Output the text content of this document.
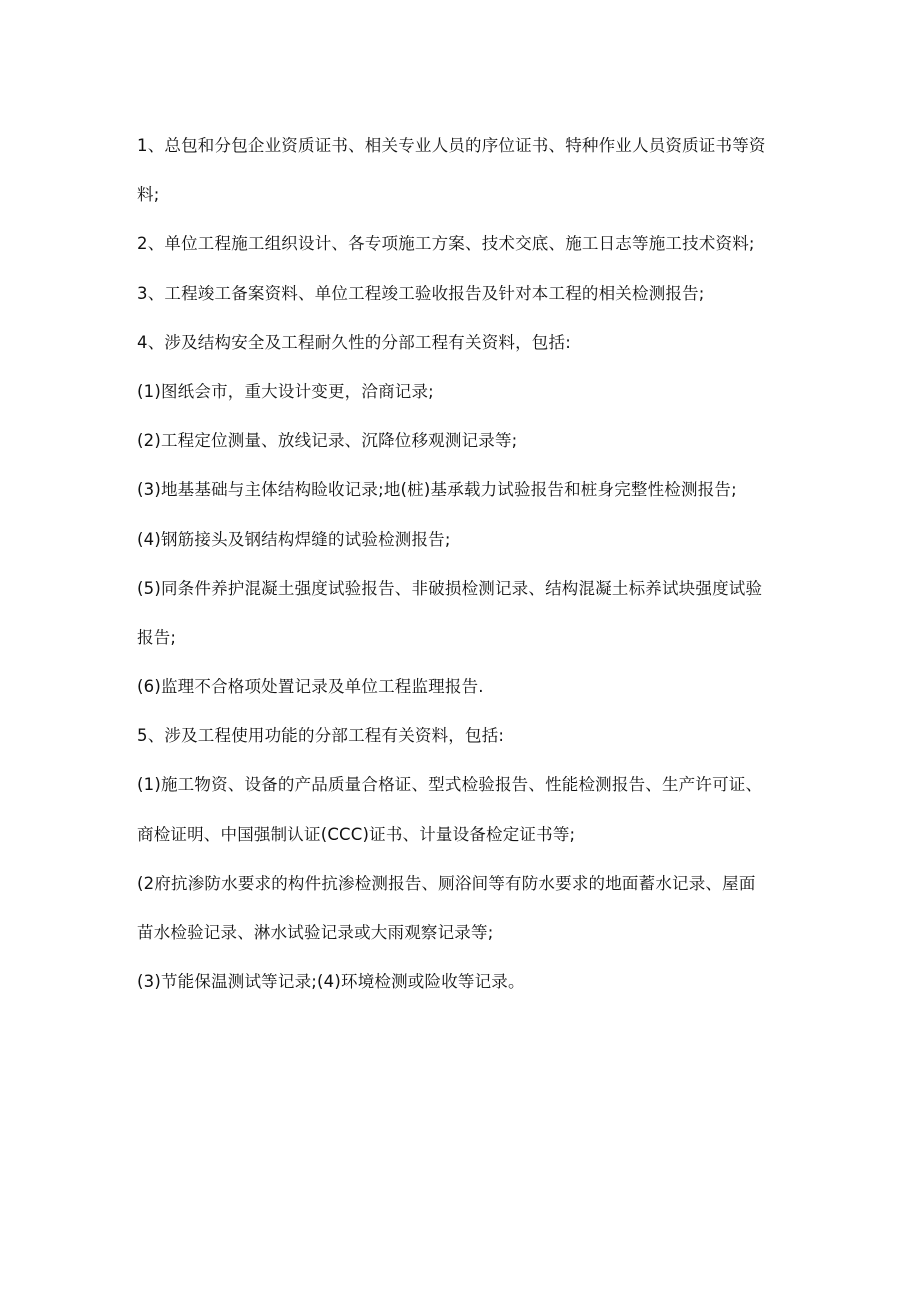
1、总包和分包企业资质证书、相关专业人员的序位证书、特种作业人员资质证书等资
料;
2、单位工程施工组织设计、各专项施工方案、技术交底、施工日志等施工技术资料;
3、工程竣工备案资料、单位工程竣工验收报告及针对本工程的相关检测报告;
4、涉及结构安全及工程耐久性的分部工程有关资料，包括:
(1)图纸会市，重大设计变更，洽商记录;
(2)工程定位测量、放线记录、沉降位移观测记录等;
(3)地基基础与主体结构睑收记录;地(桩)基承载力试验报告和桩身完整性检测报告;
(4)钢筋接头及钢结构焊缝的试验检测报告;
(5)同条件养护混凝土强度试验报告、非破损检测记录、结构混凝土标养试块强度试验
报告;
(6)监理不合格项处置记录及单位工程监理报告.
5、涉及工程使用功能的分部工程有关资料，包括:
(1)施工物资、设备的产品质量合格证、型式检验报告、性能检测报告、生产许可证、
商检证明、中国强制认证(CCC)证书、计量设备检定证书等;
(2府抗渗防水要求的构件抗渗检测报告、厕浴间等有防水要求的地面蓄水记录、屋面
苗水检验记录、淋水试验记录或大雨观察记录等;
(3)节能保温测试等记录;(4)环境检测或险收等记录。
